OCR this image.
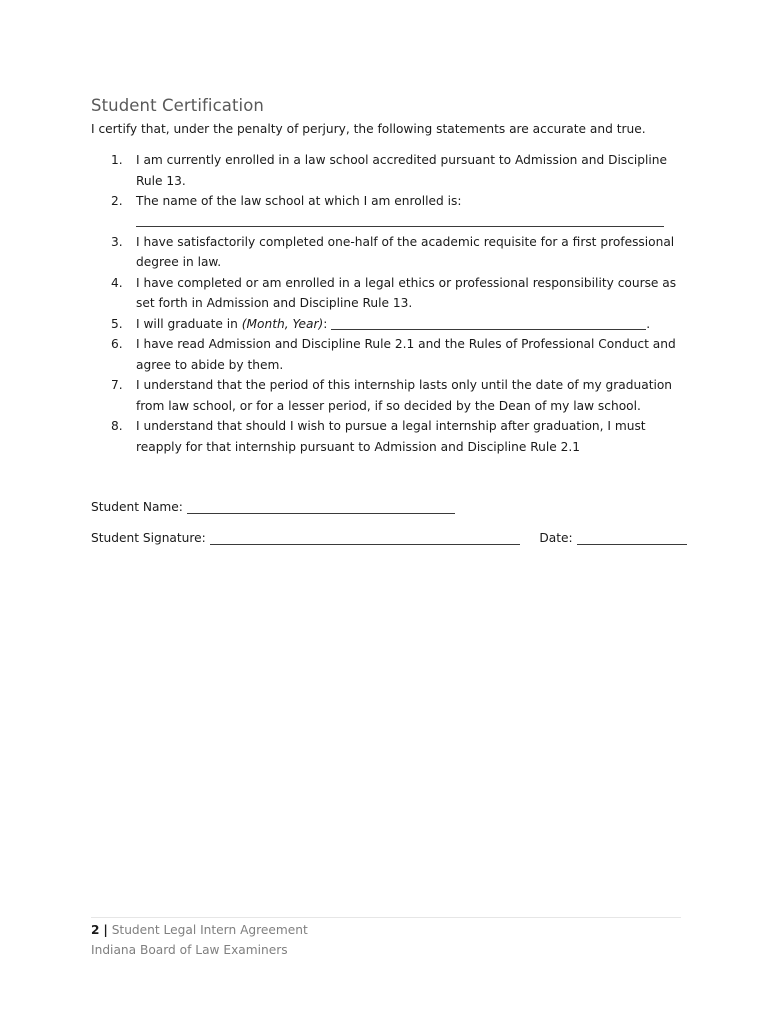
Student Certification
I certify that, under the penalty of perjury, the following statements are accurate and true.
1. I am currently enrolled in a law school accredited pursuant to Admission and Discipline Rule 13.
2. The name of the law school at which I am enrolled is:
3. I have satisfactorily completed one-half of the academic requisite for a first professional degree in law.
4. I have completed or am enrolled in a legal ethics or professional responsibility course as set forth in Admission and Discipline Rule 13.
5. I will graduate in (Month, Year):	.
6. I have read Admission and Discipline Rule 2.1 and the Rules of Professional Conduct and agree to abide by them.
7. I understand that the period of this internship lasts only until the date of my graduation from law school, or for a lesser period, if so decided by the Dean of my law school.
8. I understand that should I wish to pursue a legal internship after graduation, I must reapply for that internship pursuant to Admission and Discipline Rule 2.1
Student Name:
Student Signature:	Date:
2 | Student Legal Intern Agreement
Indiana Board of Law Examiners
